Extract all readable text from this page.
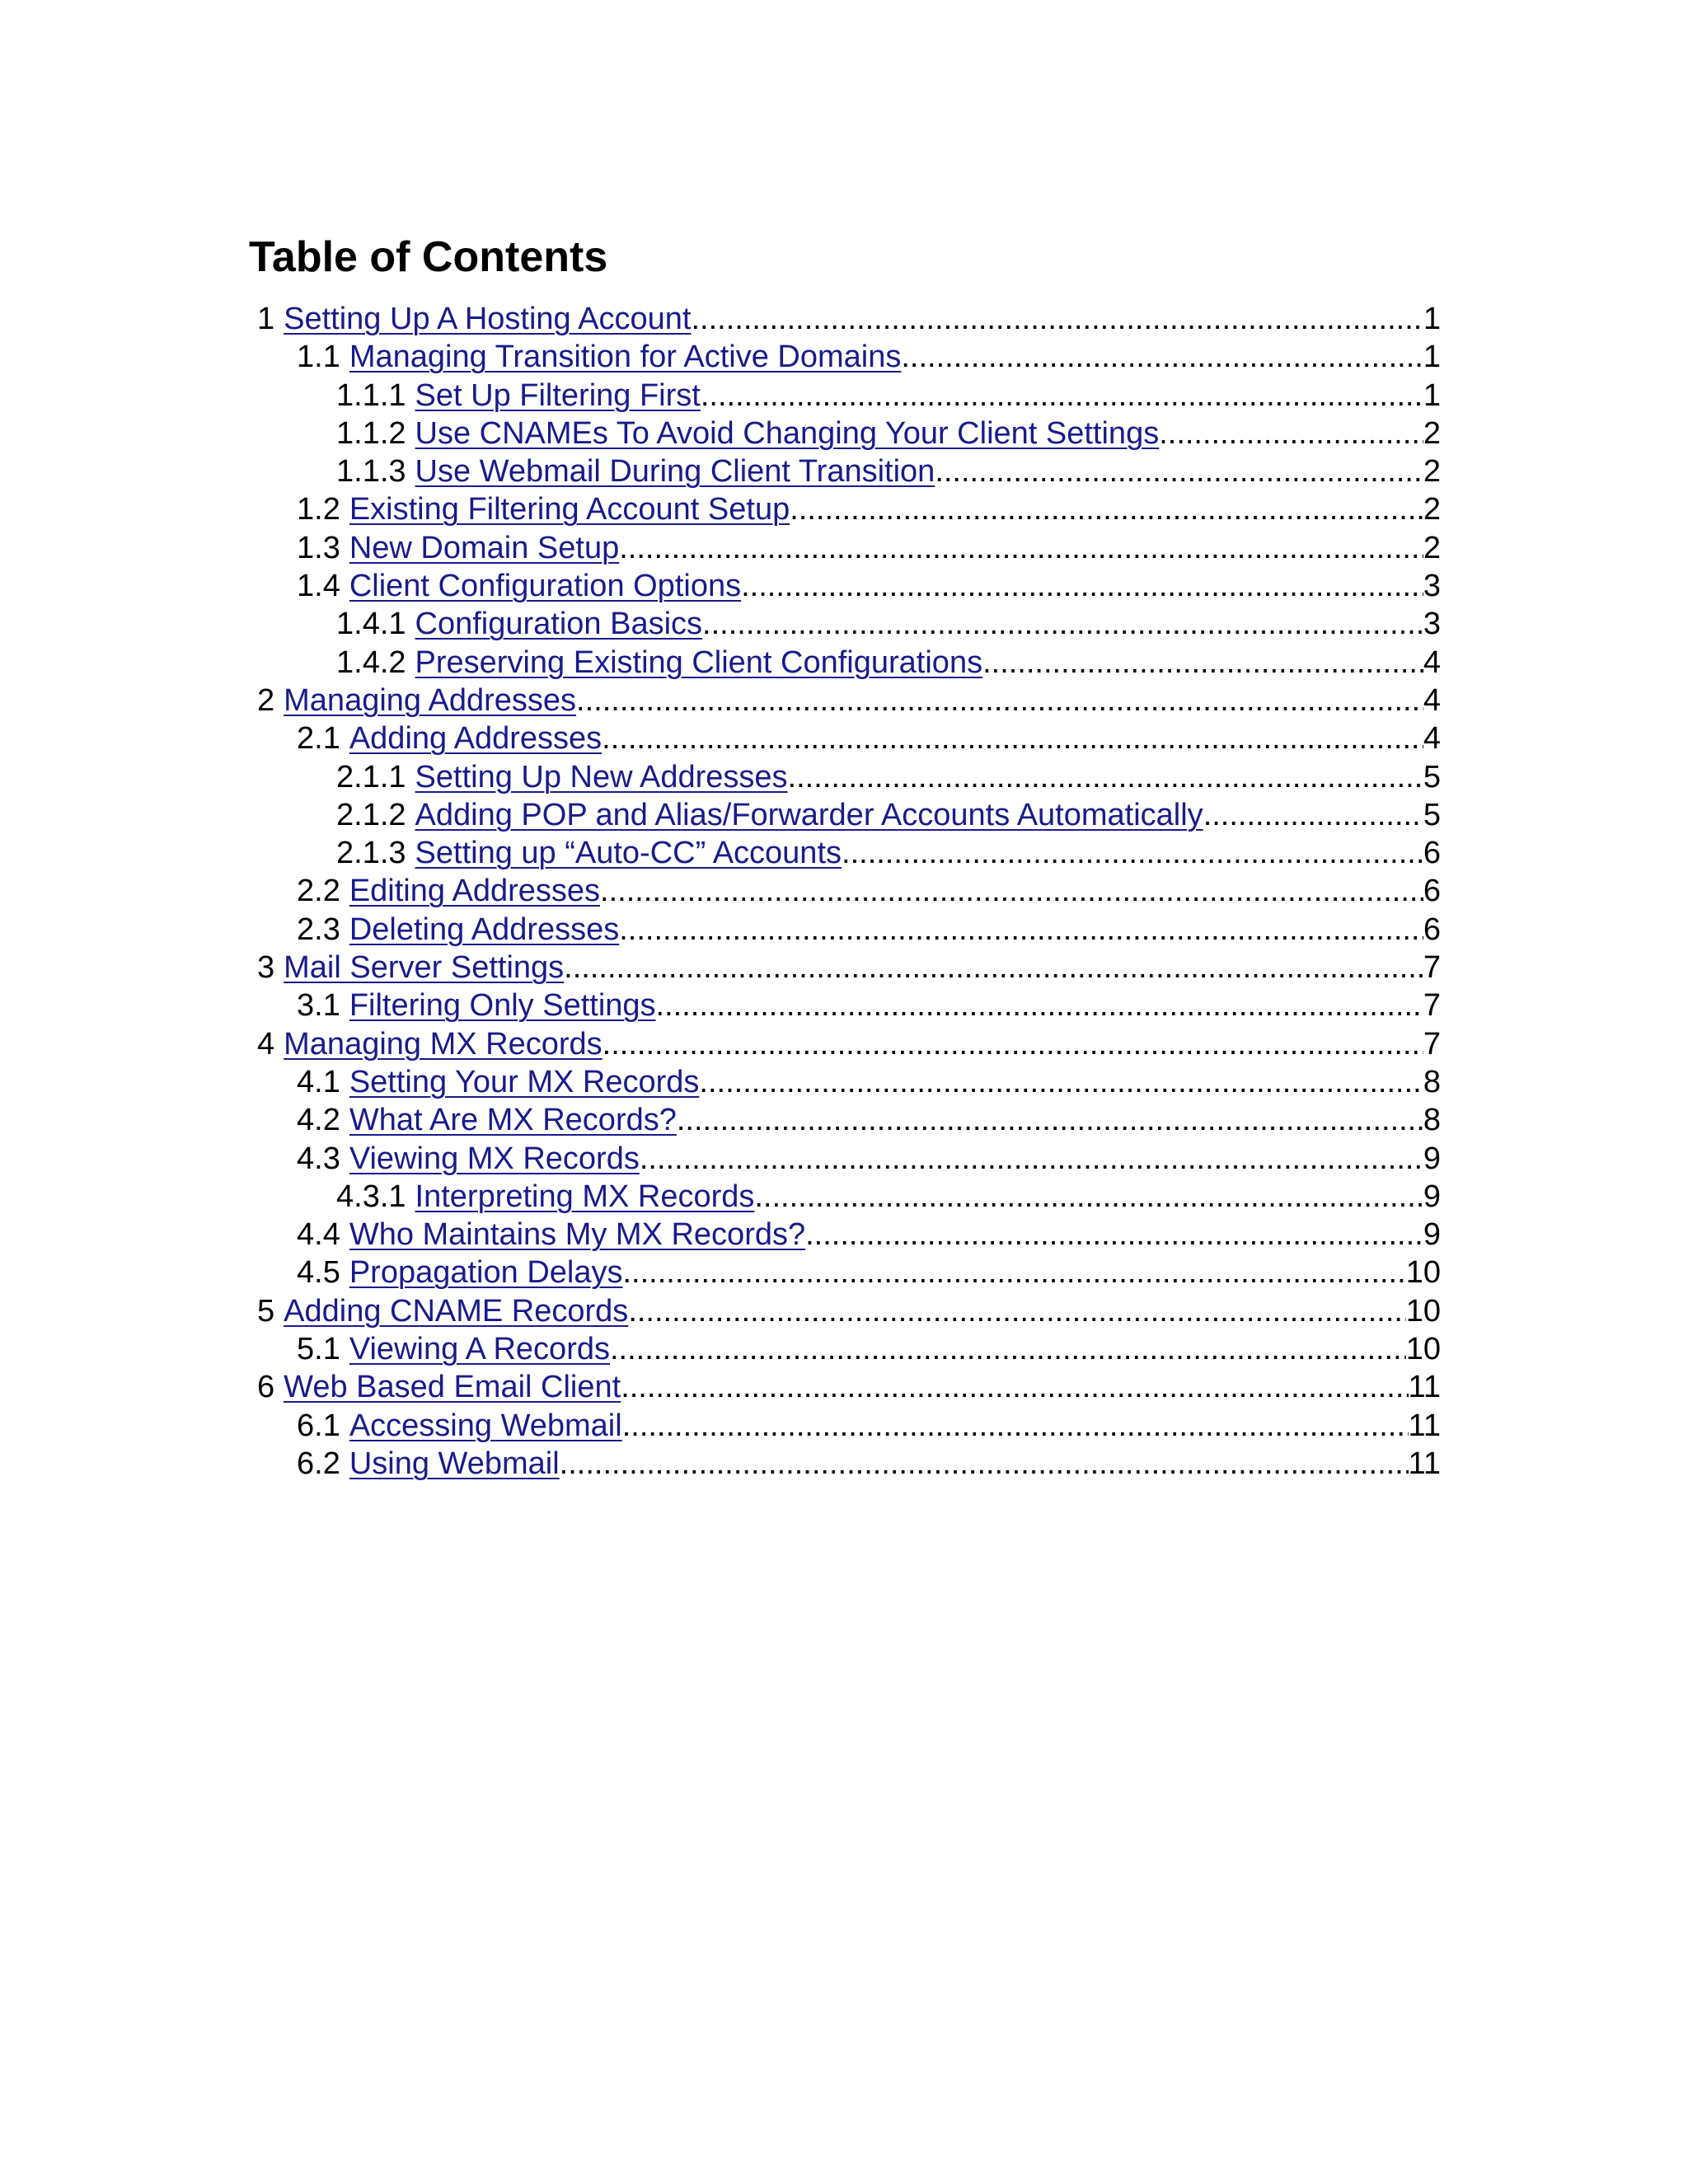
Table of Contents
1 Setting Up A Hosting Account .....	1
1.1 Managing Transition for Active Domains .....	1
1.1.1 Set Up Filtering First .....	1
1.1.2 Use CNAMEs To Avoid Changing Your Client Settings .....	2
1.1.3 Use Webmail During Client Transition .....	2
1.2 Existing Filtering Account Setup .....	2
1.3 New Domain Setup .....	2
1.4 Client Configuration Options .....	3
1.4.1 Configuration Basics .....	3
1.4.2 Preserving Existing Client Configurations .....	4
2 Managing Addresses .....	4
2.1 Adding Addresses .....	4
2.1.1 Setting Up New Addresses .....	5
2.1.2 Adding POP and Alias/Forwarder Accounts Automatically .....	5
2.1.3 Setting up “Auto-CC” Accounts .....	6
2.2 Editing Addresses .....	6
2.3 Deleting Addresses .....	6
3 Mail Server Settings .....	7
3.1 Filtering Only Settings .....	7
4 Managing MX Records .....	7
4.1 Setting Your MX Records .....	8
4.2 What Are MX Records? .....	8
4.3 Viewing MX Records .....	9
4.3.1 Interpreting MX Records .....	9
4.4 Who Maintains My MX Records? .....	9
4.5 Propagation Delays .....	10
5 Adding CNAME Records .....	10
5.1 Viewing A Records .....	10
6 Web Based Email Client .....	11
6.1 Accessing Webmail .....	11
6.2 Using Webmail .....	11
